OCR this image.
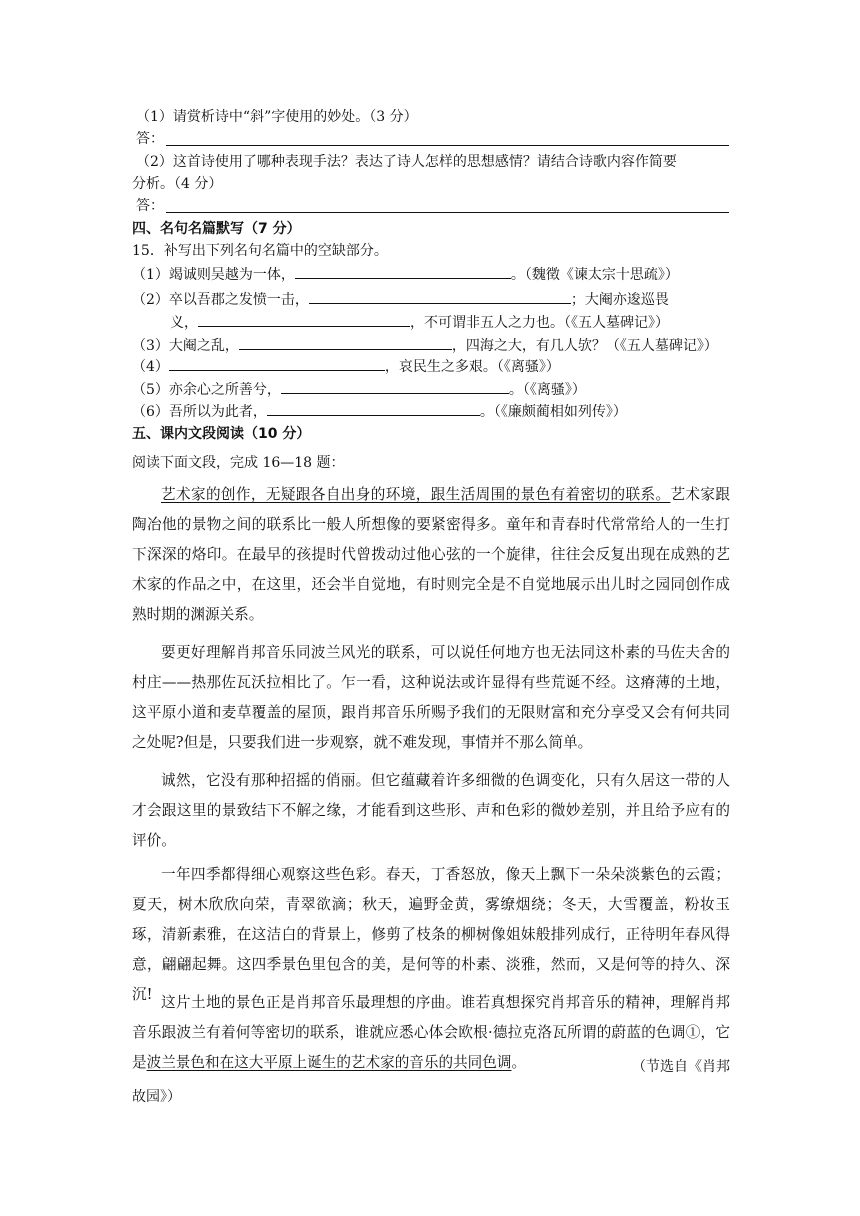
（1）请赏析诗中“斜”字使用的妙处。（3 分）
答：
（2）这首诗使用了哪种表现手法？表达了诗人怎样的思想感情？请结合诗歌内容作简要
分析。（4 分）
答：
四、名句名篇默写（7 分）
15．补写出下列名句名篇中的空缺部分。
（1）竭诚则吴越为一体，	。（魏徵《谏太宗十思疏》）
（2）卒以吾郡之发愤一击，	；大阉亦逡巡畏
义，	，不可谓非五人之力也。（《五人墓碑记》）
（3）大阉之乱，	，四海之大，有几人欤？（《五人墓碑记》）
（4）	，哀民生之多艰。（《离骚》）
（5）亦余心之所善兮，	。（《离骚》）
（6）吾所以为此者，	。（《廉颇蔺相如列传》）
五、课内文段阅读（10 分）
阅读下面文段，完成 16—18 题：
艺术家的创作，无疑跟各自出身的环境，跟生活周围的景色有着密切的联系。艺术家跟陶冶他的景物之间的联系比一般人所想像的要紧密得多。童年和青春时代常常给人的一生打下深深的烙印。在最早的孩提时代曾拨动过他心弦的一个旋律，往往会反复出现在成熟的艺术家的作品之中，在这里，还会半自觉地，有时则完全是不自觉地展示出儿时之园同创作成熟时期的渊源关系。
要更好理解肖邦音乐同波兰风光的联系，可以说任何地方也无法同这朴素的马佐夫舍的村庄——热那佐瓦沃拉相比了。乍一看，这种说法或许显得有些荒诞不经。这瘠薄的土地，这平原小道和麦草覆盖的屋顶，跟肖邦音乐所赐予我们的无限财富和充分享受又会有何共同之处呢?但是，只要我们进一步观察，就不难发现，事情并不那么简单。
诚然，它没有那种招摇的俏丽。但它蕴藏着许多细微的色调变化，只有久居这一带的人才会跟这里的景致结下不解之缘，才能看到这些形、声和色彩的微妙差别，并且给予应有的评价。
一年四季都得细心观察这些色彩。春天，丁香怒放，像天上飘下一朵朵淡紫色的云霞；夏天，树木欣欣向荣，青翠欲滴；秋天，遍野金黄，雾缭烟绕；冬天，大雪覆盖，粉妆玉琢，清新素雅，在这洁白的背景上，修剪了枝条的柳树像姐妹般排列成行，正待明年春风得意，翩翩起舞。这四季景色里包含的美，是何等的朴素、淡雅，然而，又是何等的持久、深沉! 这片土地的景色正是肖邦音乐最理想的序曲。谁若真想探究肖邦音乐的精神，理解肖邦音乐跟波兰有着何等密切的联系，谁就应悉心体会欧根·德拉克洛瓦所谓的蔚蓝的色调①，它是波兰景色和在这大平原上诞生的艺术家的音乐的共同色调。	（节选自《肖邦
故园》）
